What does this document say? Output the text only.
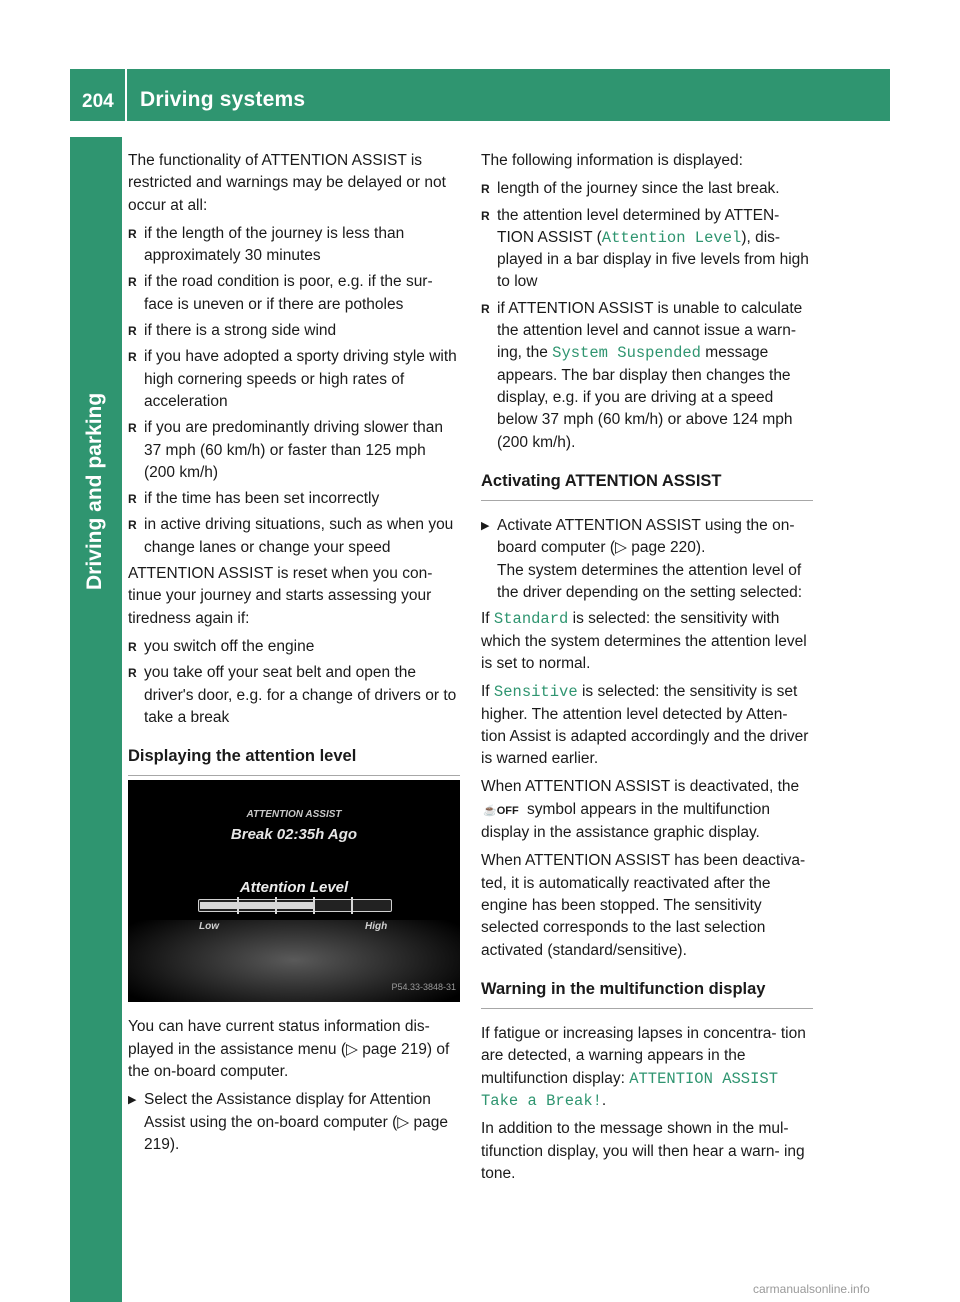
204 Driving systems
Driving and parking

The functionality of ATTENTION ASSIST is restricted and warnings may be delayed or not occur at all:

R if the length of the journey is less than approximately 30 minutes
R if the road condition is poor, e.g. if the sur- face is uneven or if there are potholes
R if there is a strong side wind
R if you have adopted a sporty driving style with high cornering speeds or high rates of acceleration
R if you are predominantly driving slower than 37 mph (60 km/h) or faster than 125 mph (200 km/h)
R if the time has been set incorrectly
R in active driving situations, such as when you change lanes or change your speed

ATTENTION ASSIST is reset when you con- tinue your journey and starts assessing your tiredness again if:

R you switch off the engine
R you take off your seat belt and open the driver's door, e.g. for a change of drivers or to take a break
Displaying the attention level
ATTENTION ASSIST
Break 02:35h Ago
Attention Level
Low	High
P54.33-3848-31

You can have current status information dis- played in the assistance menu (▷ page 219) of the on-board computer.

▶ Select the Assistance display for Attention Assist using the on-board computer (▷ page 219).

The following information is displayed:

R length of the journey since the last break.
R the attention level determined by ATTEN- TION ASSIST (Attention Level), dis- played in a bar display in five levels from high to low
R if ATTENTION ASSIST is unable to calculate the attention level and cannot issue a warn- ing, the System Suspended message appears. The bar display then changes the display, e.g. if you are driving at a speed below 37 mph (60 km/h) or above 124 mph (200 km/h).
Activating ATTENTION ASSIST
▶ Activate ATTENTION ASSIST using the on- board computer (▷ page 220).
The system determines the attention level of the driver depending on the setting selected:

If Standard is selected: the sensitivity with which the system determines the attention level is set to normal.

If Sensitive is selected: the sensitivity is set higher. The attention level detected by Atten- tion Assist is adapted accordingly and the driver is warned earlier.

When ATTENTION ASSIST is deactivated, the ☕OFF symbol appears in the multifunction display in the assistance graphic display.

When ATTENTION ASSIST has been deactiva- ted, it is automatically reactivated after the engine has been stopped. The sensitivity selected corresponds to the last selection activated (standard/sensitive).

Warning in the multifunction display

If fatigue or increasing lapses in concentra- tion are detected, a warning appears in the multifunction display: ATTENTION ASSIST Take a Break!.

In addition to the message shown in the mul- tifunction display, you will then hear a warn- ing tone.

carmanualsonline.info
